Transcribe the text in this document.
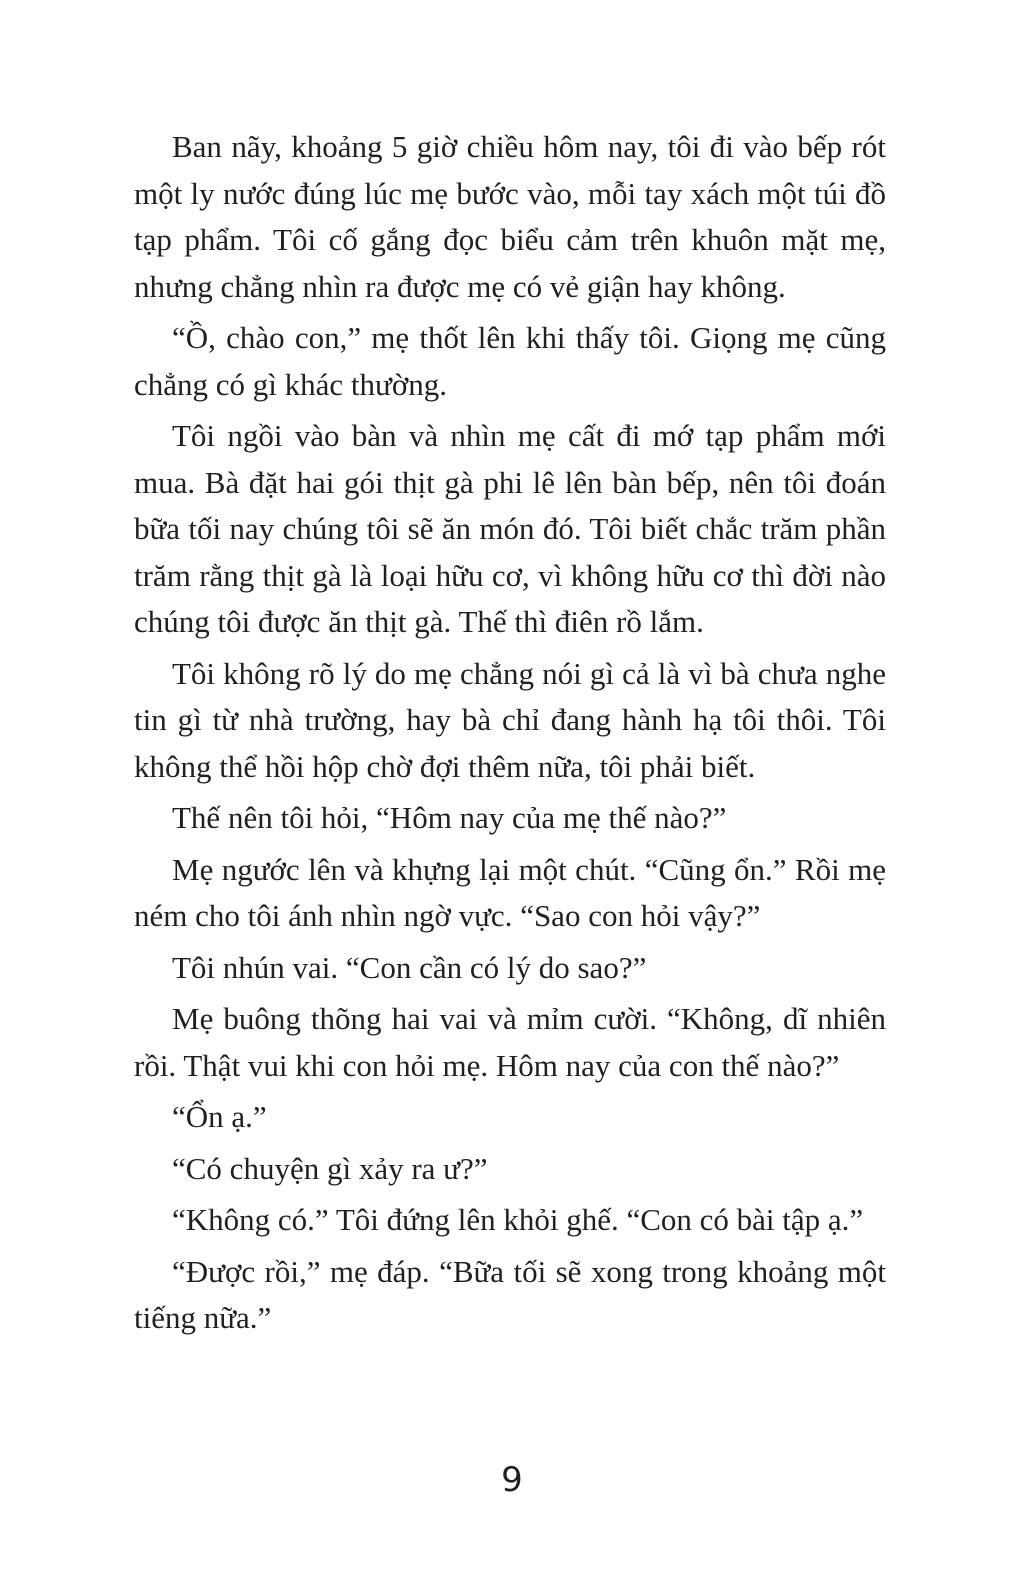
Ban nãy, khoảng 5 giờ chiều hôm nay, tôi đi vào bếp rót một ly nước đúng lúc mẹ bước vào, mỗi tay xách một túi đồ tạp phẩm. Tôi cố gắng đọc biểu cảm trên khuôn mặt mẹ, nhưng chẳng nhìn ra được mẹ có vẻ giận hay không.

“Ồ, chào con,” mẹ thốt lên khi thấy tôi. Giọng mẹ cũng chẳng có gì khác thường.

Tôi ngồi vào bàn và nhìn mẹ cất đi mớ tạp phẩm mới mua. Bà đặt hai gói thịt gà phi lê lên bàn bếp, nên tôi đoán bữa tối nay chúng tôi sẽ ăn món đó. Tôi biết chắc trăm phần trăm rằng thịt gà là loại hữu cơ, vì không hữu cơ thì đời nào chúng tôi được ăn thịt gà. Thế thì điên rồ lắm.

Tôi không rõ lý do mẹ chẳng nói gì cả là vì bà chưa nghe tin gì từ nhà trường, hay bà chỉ đang hành hạ tôi thôi. Tôi không thể hồi hộp chờ đợi thêm nữa, tôi phải biết.

Thế nên tôi hỏi, “Hôm nay của mẹ thế nào?”

Mẹ ngước lên và khựng lại một chút. “Cũng ổn.” Rồi mẹ ném cho tôi ánh nhìn ngờ vực. “Sao con hỏi vậy?”

Tôi nhún vai. “Con cần có lý do sao?”

Mẹ buông thõng hai vai và mỉm cười. “Không, dĩ nhiên rồi. Thật vui khi con hỏi mẹ. Hôm nay của con thế nào?”

“Ổn ạ.”

“Có chuyện gì xảy ra ư?”

“Không có.” Tôi đứng lên khỏi ghế. “Con có bài tập ạ.”

“Được rồi,” mẹ đáp. “Bữa tối sẽ xong trong khoảng một tiếng nữa.”

9
